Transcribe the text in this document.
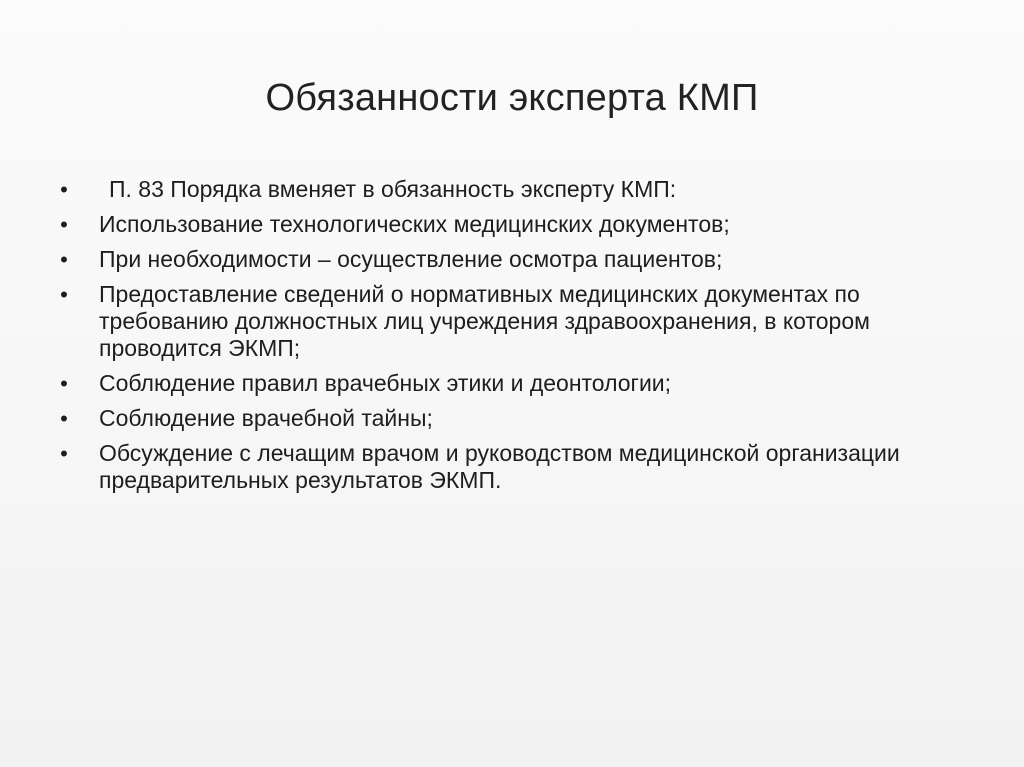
Обязанности эксперта КМП
• П. 83 Порядка вменяет в обязанность эксперту КМП:
• Использование технологических медицинских документов;
• При необходимости – осуществление осмотра пациентов;
• Предоставление сведений о нормативных медицинских документах по требованию должностных лиц учреждения здравоохранения, в котором проводится ЭКМП;
• Соблюдение правил врачебных этики и деонтологии;
• Соблюдение врачебной тайны;
• Обсуждение с лечащим врачом и руководством медицинской организации предварительных результатов ЭКМП.
